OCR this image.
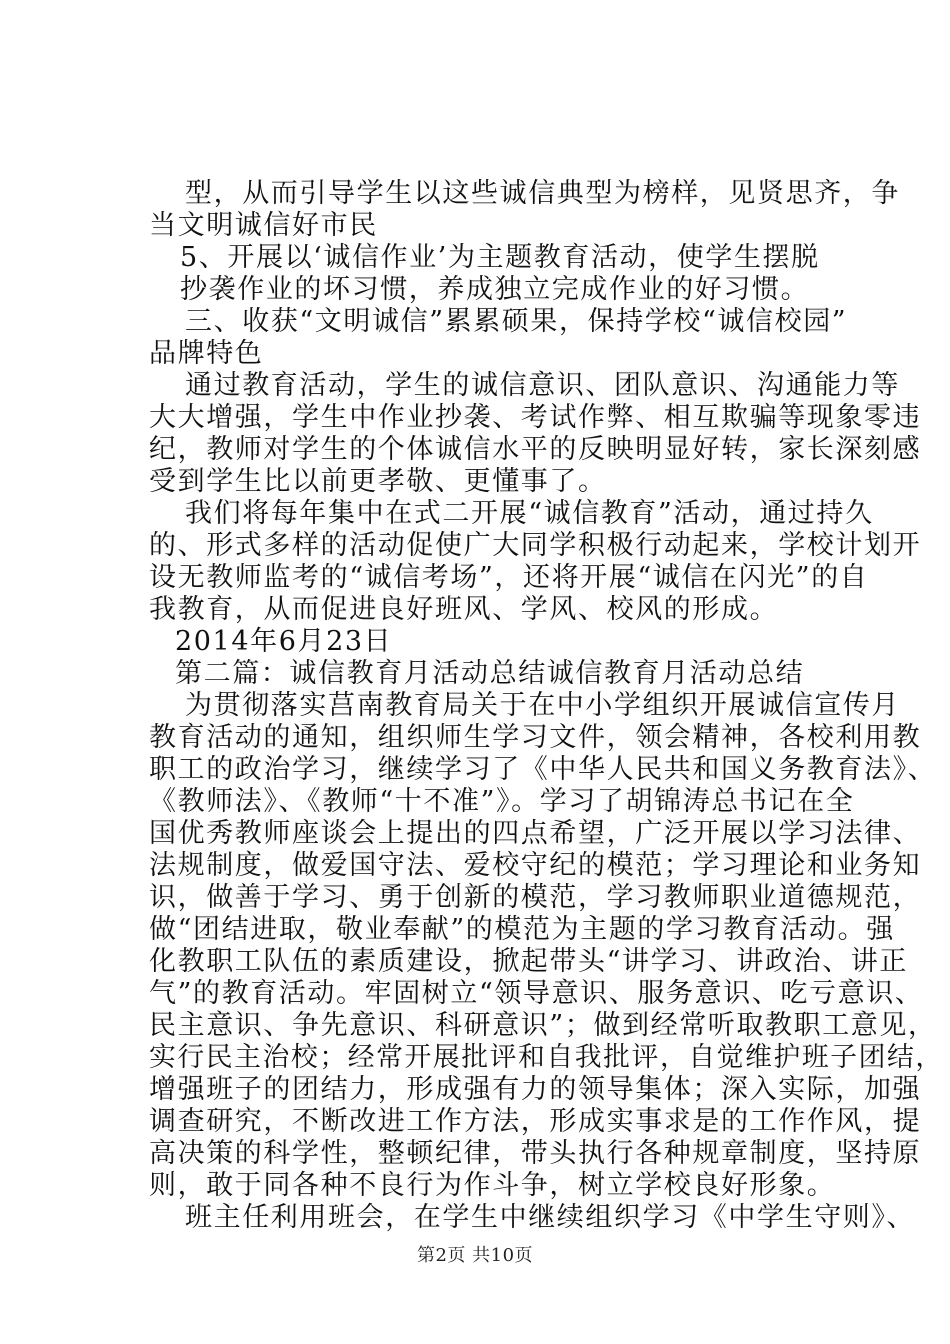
型，从而引导学生以这些诚信典型为榜样，见贤思齐，争
当文明诚信好市民
5、开展以‘诚信作业’为主题教育活动，使学生摆脱
抄袭作业的坏习惯，养成独立完成作业的好习惯。
三、收获“文明诚信”累累硕果，保持学校“诚信校园”
品牌特色
通过教育活动，学生的诚信意识、团队意识、沟通能力等
大大增强，学生中作业抄袭、考试作弊、相互欺骗等现象零违
纪，教师对学生的个体诚信水平的反映明显好转，家长深刻感
受到学生比以前更孝敬、更懂事了。
我们将每年集中在式二开展“诚信教育”活动，通过持久
的、形式多样的活动促使广大同学积极行动起来，学校计划开
设无教师监考的“诚信考场”，还将开展“诚信在闪光”的自
我教育，从而促进良好班风、学风、校风的形成。
2014年6月23日
第二篇：诚信教育月活动总结诚信教育月活动总结
为贯彻落实莒南教育局关于在中小学组织开展诚信宣传月
教育活动的通知，组织师生学习文件，领会精神，各校利用教
职工的政治学习，继续学习了《中华人民共和国义务教育法》、
《教师法》、《教师“十不准”》。学习了胡锦涛总书记在全
国优秀教师座谈会上提出的四点希望，广泛开展以学习法律、
法规制度，做爱国守法、爱校守纪的模范；学习理论和业务知
识，做善于学习、勇于创新的模范，学习教师职业道德规范，
做“团结进取，敬业奉献”的模范为主题的学习教育活动。强
化教职工队伍的素质建设，掀起带头“讲学习、讲政治、讲正
气”的教育活动。牢固树立“领导意识、服务意识、吃亏意识、
民主意识、争先意识、科研意识”；做到经常听取教职工意见，
实行民主治校；经常开展批评和自我批评，自觉维护班子团结，
增强班子的团结力，形成强有力的领导集体；深入实际，加强
调查研究，不断改进工作方法，形成实事求是的工作作风，提
高决策的科学性，整顿纪律，带头执行各种规章制度，坚持原
则，敢于同各种不良行为作斗争，树立学校良好形象。
班主任利用班会，在学生中继续组织学习《中学生守则》、
第2页 共10页
